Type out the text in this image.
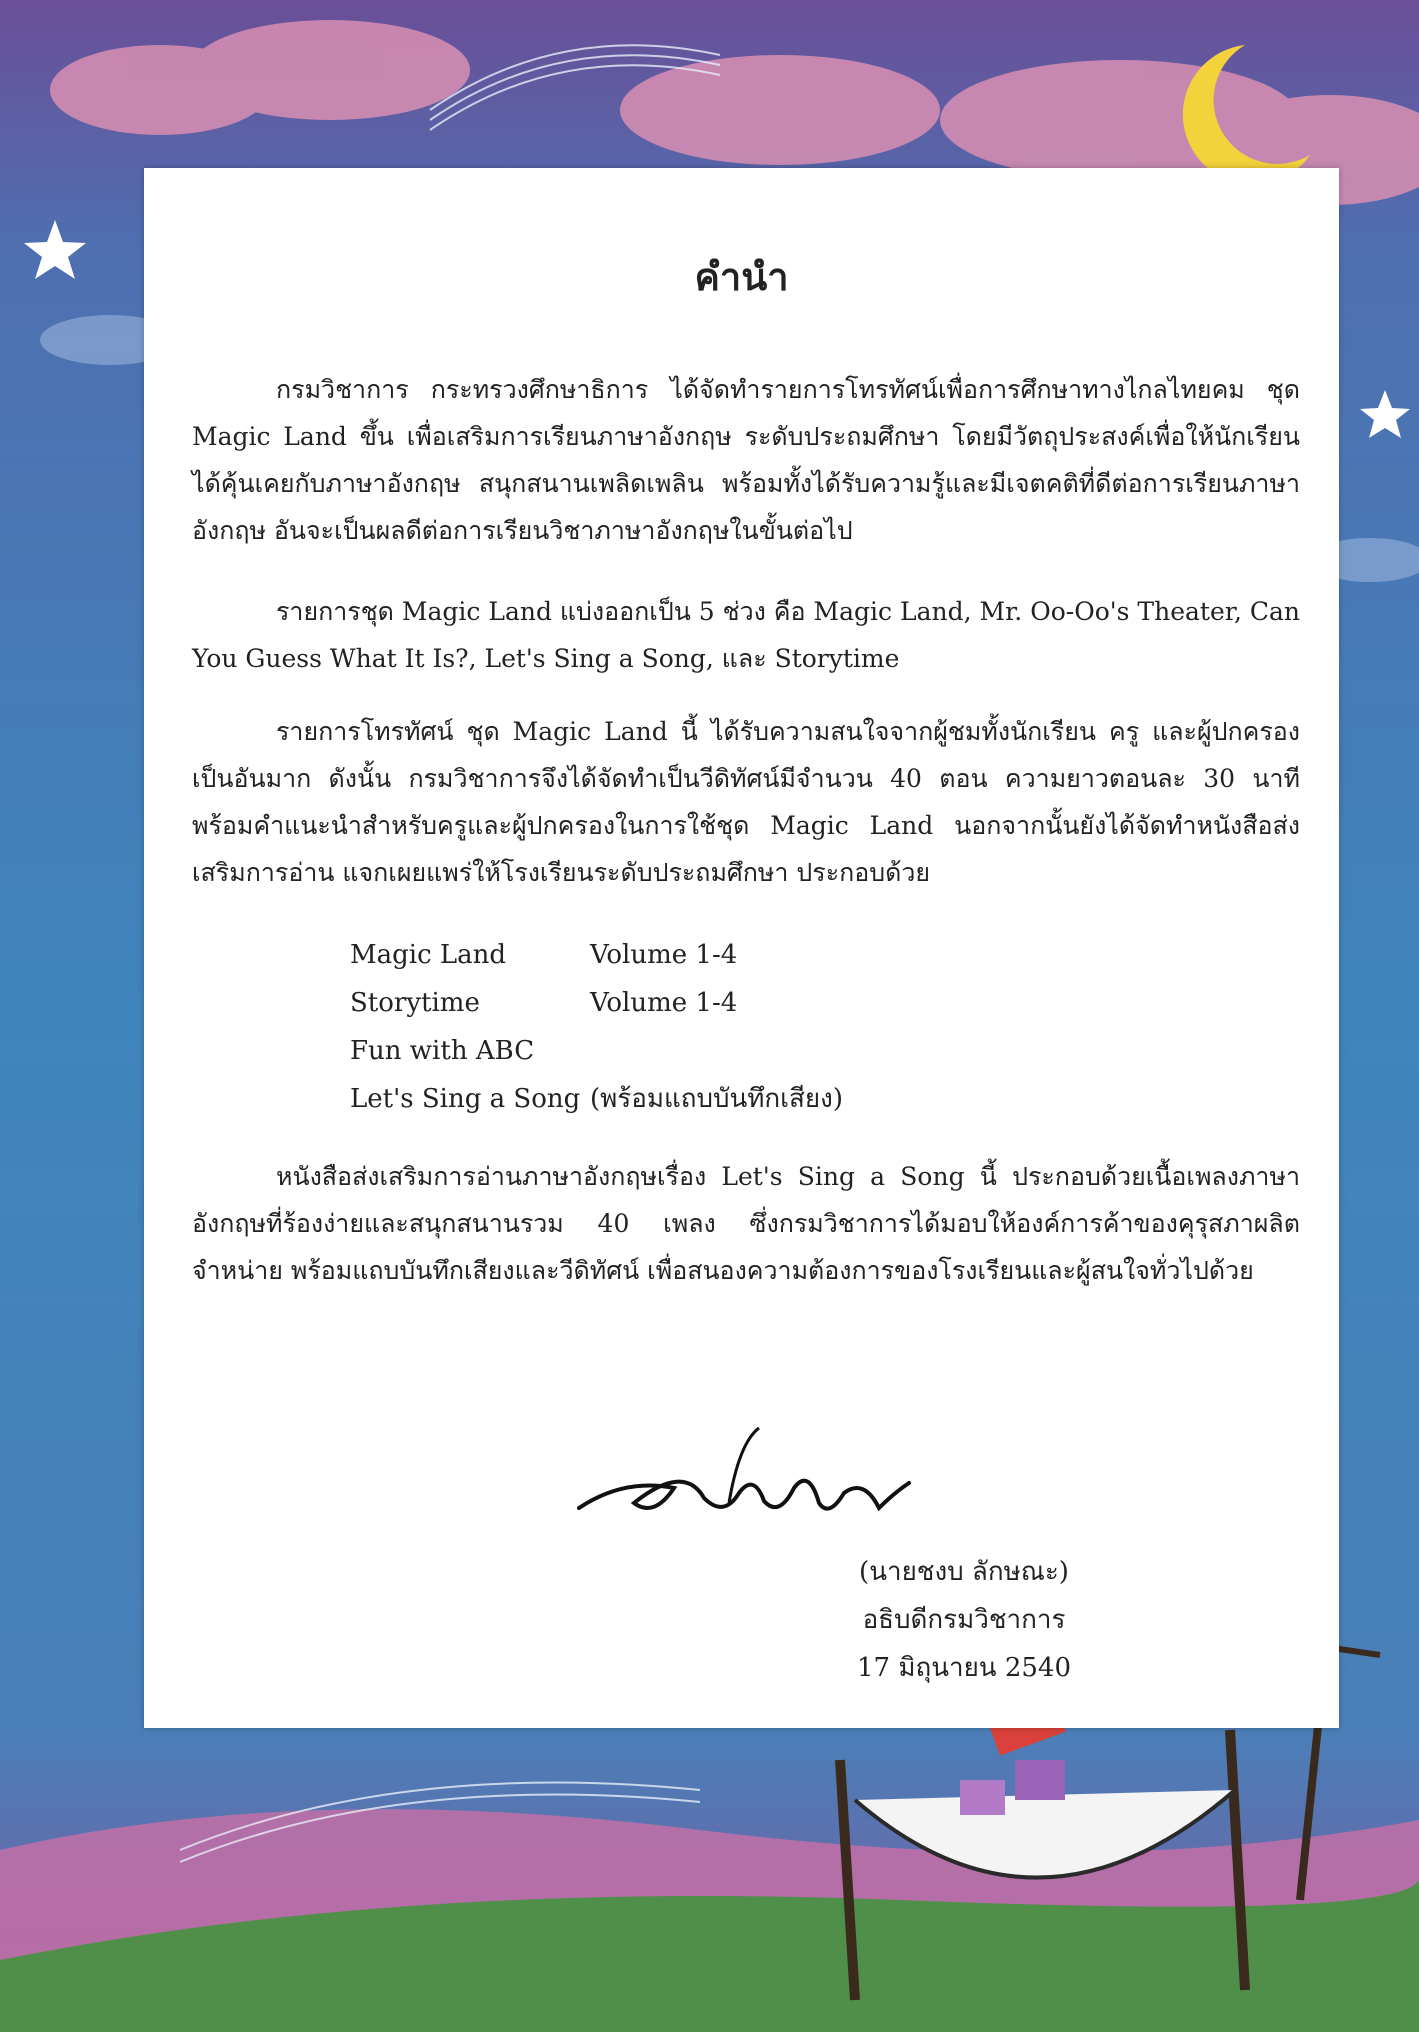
คำนำ
กรมวิชาการ กระทรวงศึกษาธิการ ได้จัดทำรายการโทรทัศน์เพื่อการศึกษาทางไกลไทยคม ชุด Magic Land ขึ้น เพื่อเสริมการเรียนภาษาอังกฤษ ระดับประถมศึกษา โดยมีวัตถุประสงค์เพื่อให้นักเรียนได้คุ้นเคยกับภาษาอังกฤษ สนุกสนานเพลิดเพลิน พร้อมทั้งได้รับความรู้และมีเจตคติที่ดีต่อการเรียนภาษาอังกฤษ อันจะเป็นผลดีต่อการเรียนวิชาภาษาอังกฤษในขั้นต่อไป
รายการชุด Magic Land แบ่งออกเป็น 5 ช่วง คือ Magic Land, Mr. Oo-Oo's Theater, Can You Guess What It Is?, Let's Sing a Song, และ Storytime
รายการโทรทัศน์ ชุด Magic Land นี้ ได้รับความสนใจจากผู้ชมทั้งนักเรียน ครู และผู้ปกครองเป็นอันมาก ดังนั้น กรมวิชาการจึงได้จัดทำเป็นวีดิทัศน์มีจำนวน 40 ตอน ความยาวตอนละ 30 นาที พร้อมคำแนะนำสำหรับครูและผู้ปกครองในการใช้ชุด Magic Land นอกจากนั้นยังได้จัดทำหนังสือส่งเสริมการอ่าน แจกเผยแพร่ให้โรงเรียนระดับประถมศึกษา ประกอบด้วย
Magic Land	Volume 1-4
Storytime	Volume 1-4
Fun with ABC
Let's Sing a Song (พร้อมแถบบันทึกเสียง)
หนังสือส่งเสริมการอ่านภาษาอังกฤษเรื่อง Let's Sing a Song นี้ ประกอบด้วยเนื้อเพลงภาษาอังกฤษที่ร้องง่ายและสนุกสนานรวม 40 เพลง ซึ่งกรมวิชาการได้มอบให้องค์การค้าของคุรุสภาผลิตจำหน่าย พร้อมแถบบันทึกเสียงและวีดิทัศน์ เพื่อสนองความต้องการของโรงเรียนและผู้สนใจทั่วไปด้วย
(นายชงบ ลักษณะ)
อธิบดีกรมวิชาการ
17 มิถุนายน 2540
